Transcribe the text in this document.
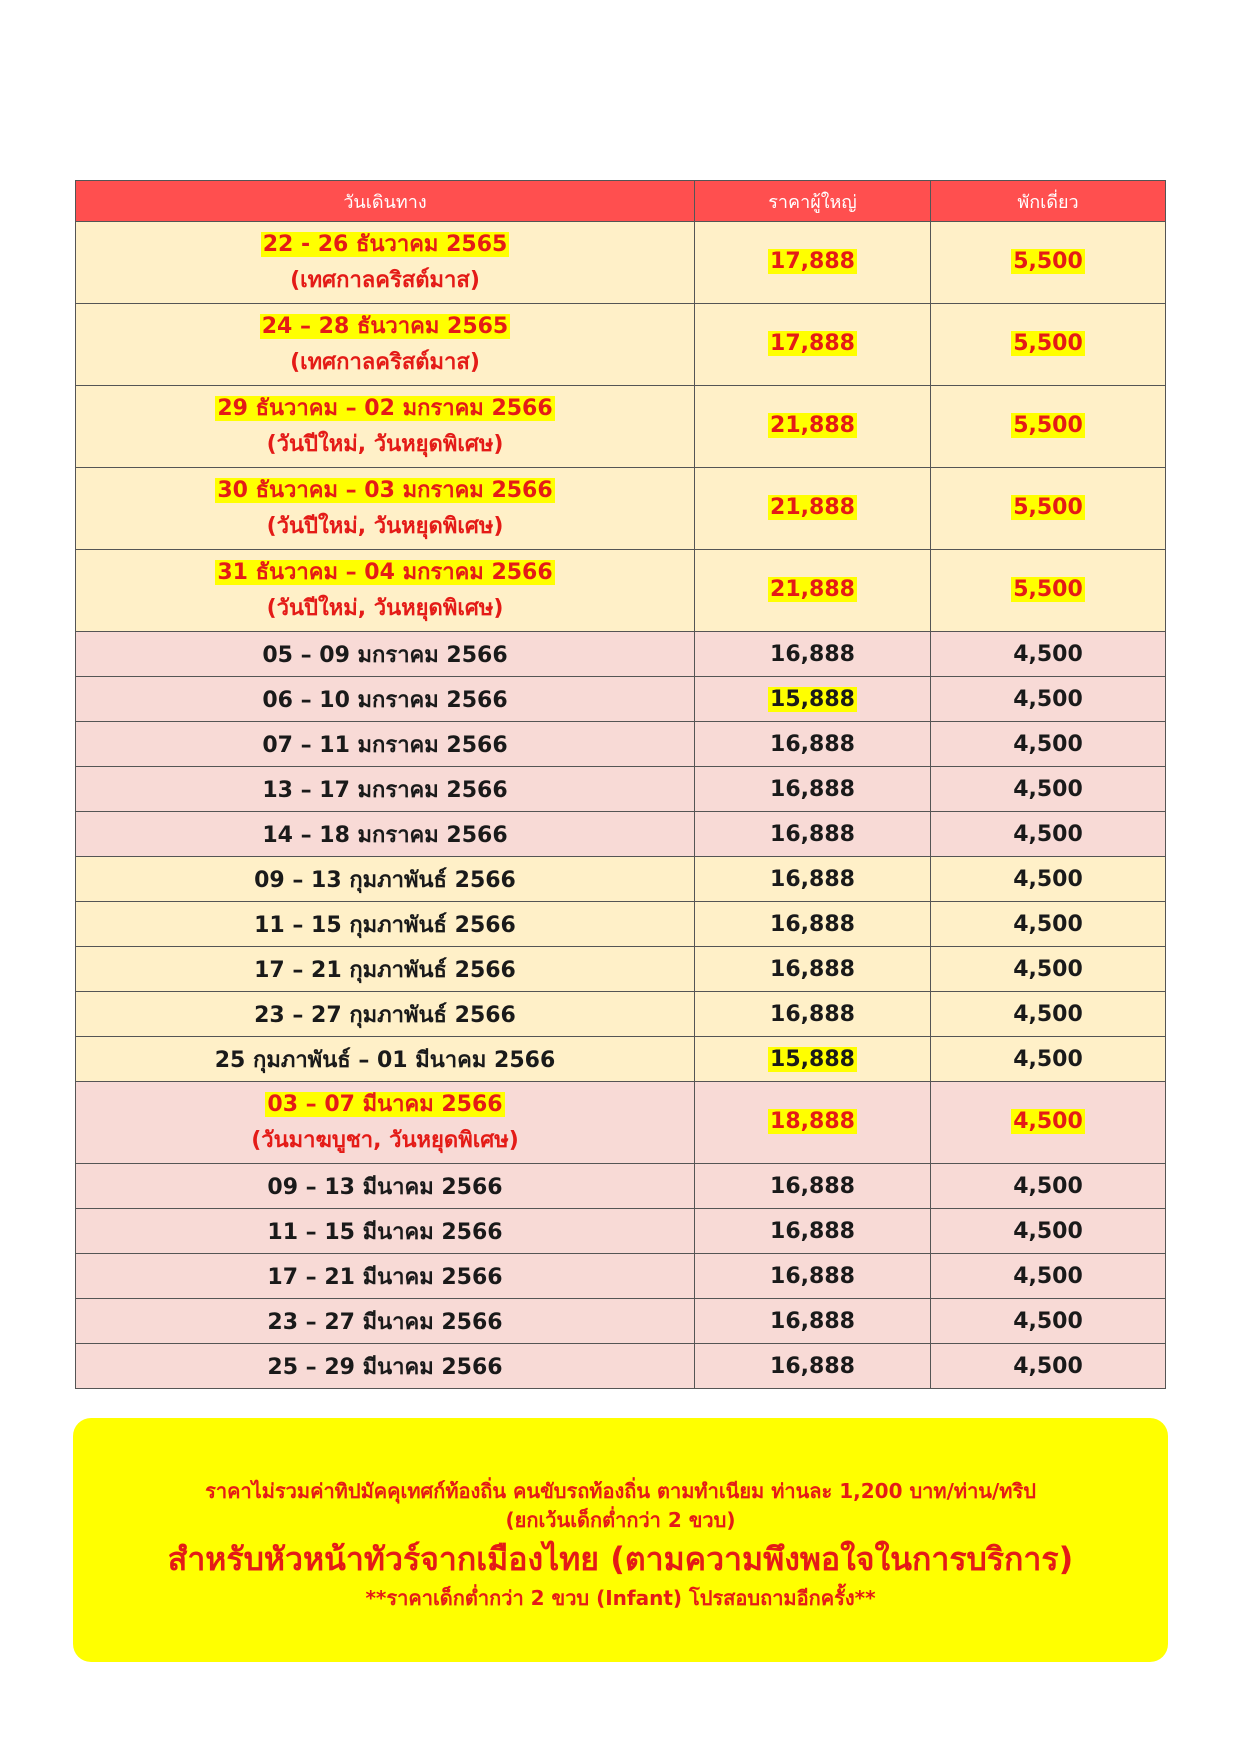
วันเดินทาง	ราคาผู้ใหญ่	พักเดี่ยว

22 - 26 ธันวาคม 2565
(เทศกาลคริสต์มาส)	17,888	5,500

24 – 28 ธันวาคม 2565
(เทศกาลคริสต์มาส)	17,888	5,500

29 ธันวาคม – 02 มกราคม 2566
(วันปีใหม่, วันหยุดพิเศษ)	21,888	5,500

30 ธันวาคม – 03 มกราคม 2566
(วันปีใหม่, วันหยุดพิเศษ)	21,888	5,500

31 ธันวาคม – 04 มกราคม 2566
(วันปีใหม่, วันหยุดพิเศษ)	21,888	5,500
05 – 09 มกราคม 2566	16,888	4,500
06 – 10 มกราคม 2566	15,888	4,500
07 – 11 มกราคม 2566	16,888	4,500
13 – 17 มกราคม 2566	16,888	4,500
14 – 18 มกราคม 2566	16,888	4,500
09 – 13 กุมภาพันธ์ 2566	16,888	4,500
11 – 15 กุมภาพันธ์ 2566	16,888	4,500
17 – 21 กุมภาพันธ์ 2566	16,888	4,500
23 – 27 กุมภาพันธ์ 2566	16,888	4,500
25 กุมภาพันธ์ – 01 มีนาคม 2566	15,888	4,500

03 – 07 มีนาคม 2566
(วันมาฆบูชา, วันหยุดพิเศษ)	18,888	4,500
09 – 13 มีนาคม 2566	16,888	4,500
11 – 15 มีนาคม 2566	16,888	4,500
17 – 21 มีนาคม 2566	16,888	4,500
23 – 27 มีนาคม 2566	16,888	4,500
25 – 29 มีนาคม 2566	16,888	4,500
ราคาไม่รวมค่าทิปมัคคุเทศก์ท้องถิ่น คนขับรถท้องถิ่น ตามทำเนียม ท่านละ 1,200 บาท/ท่าน/ทริป
(ยกเว้นเด็กต่ำกว่า 2 ขวบ)
สำหรับหัวหน้าทัวร์จากเมืองไทย (ตามความพึงพอใจในการบริการ)
**ราคาเด็กต่ำกว่า 2 ขวบ (Infant) โปรสอบถามอีกครั้ง**
